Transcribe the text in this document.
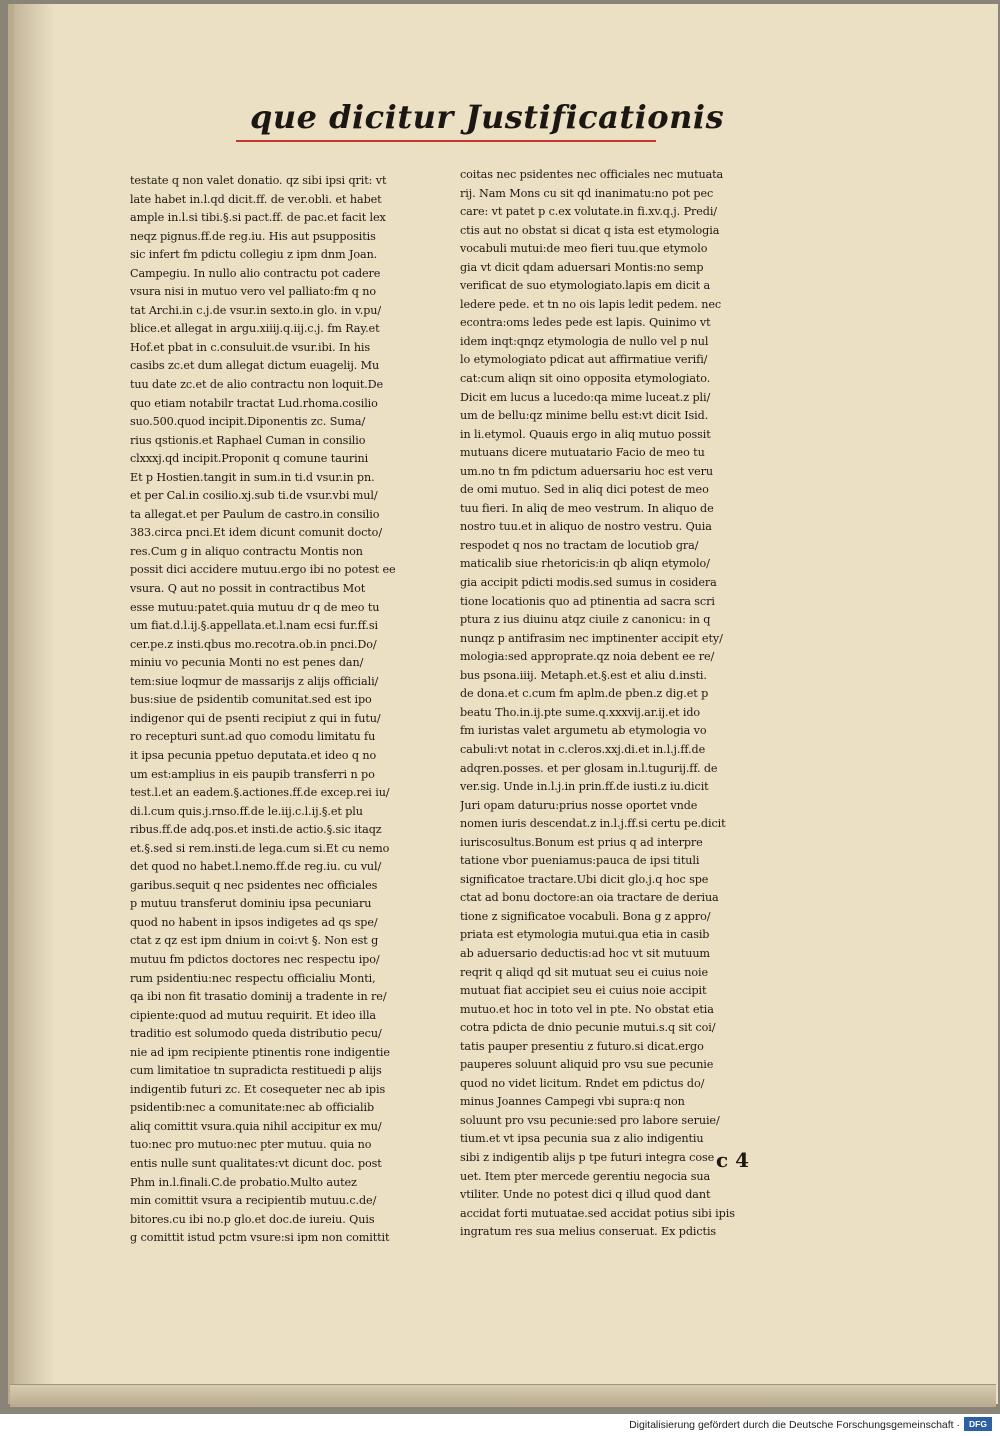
que dicitur Justificationis
testate q non valet donatio. qz sibi ipsi qrit: vt
late habet in.l.qd dicit.ff. de ver.obli. et habet
ample in.l.si tibi.§.si pact.ff. de pac.et facit lex
neqz pignus.ff.de reg.iu. His aut psuppositis
sic infert fm pdictu collegiu z ipm dnm Joan.
Campegiu. In nullo alio contractu pot cadere
vsura nisi in mutuo vero vel palliato:fm q no
tat Archi.in c.j.de vsur.in sexto.in glo. in v.pu/
blice.et allegat in argu.xiiij.q.iij.c.j. fm Ray.et
Hof.et pbat in c.consuluit.de vsur.ibi. In his
casibs zc.et dum allegat dictum euagelij. Mu
tuu date zc.et de alio contractu non loquit.De
quo etiam notabilr tractat Lud.rhoma.cosilio
suo.500.quod incipit.Diponentis zc. Suma/
rius qstionis.et Raphael Cuman in consilio
clxxxj.qd incipit.Proponit q comune taurini
Et p Hostien.tangit in sum.in ti.d vsur.in pn.
et per Cal.in cosilio.xj.sub ti.de vsur.vbi mul/
ta allegat.et per Paulum de castro.in consilio
383.circa pnci.Et idem dicunt comunit docto/
res.Cum g in aliquo contractu Montis non
possit dici accidere mutuu.ergo ibi no potest ee
vsura. Q aut no possit in contractibus Mot
esse mutuu:patet.quia mutuu dr q de meo tu
um fiat.d.l.ij.§.appellata.et.l.nam ecsi fur.ff.si
cer.pe.z insti.qbus mo.recotra.ob.in pnci.Do/
miniu vo pecunia Monti no est penes dan/
tem:siue loqmur de massarijs z alijs officiali/
bus:siue de psidentib comunitat.sed est ipo
indigenor qui de psenti recipiut z qui in futu/
ro recepturi sunt.ad quo comodu limitatu fu
it ipsa pecunia ppetuo deputata.et ideo q no
um est:amplius in eis paupib transferri n po
test.l.et an eadem.§.actiones.ff.de excep.rei iu/
di.l.cum quis.j.rnso.ff.de le.iij.c.l.ij.§.et plu
ribus.ff.de adq.pos.et insti.de actio.§.sic itaqz
et.§.sed si rem.insti.de lega.cum si.Et cu nemo
det quod no habet.l.nemo.ff.de reg.iu. cu vul/
garibus.sequit q nec psidentes nec officiales
p mutuu transferut dominiu ipsa pecuniaru
quod no habent in ipsos indigetes ad qs spe/
ctat z qz est ipm dnium in coi:vt §. Non est g
mutuu fm pdictos doctores nec respectu ipo/
rum psidentiu:nec respectu officialiu Monti,
qa ibi non fit trasatio dominij a tradente in re/
cipiente:quod ad mutuu requirit. Et ideo illa
traditio est solumodo queda distributio pecu/
nie ad ipm recipiente ptinentis rone indigentie
cum limitatioe tn supradicta restituedi p alijs
indigentib futuri zc. Et cosequeter nec ab ipis
psidentib:nec a comunitate:nec ab officialib
aliq comittit vsura.quia nihil accipitur ex mu/
tuo:nec pro mutuo:nec pter mutuu. quia no
entis nulle sunt qualitates:vt dicunt doc. post
Phm in.l.finali.C.de probatio.Multo autez
min comittit vsura a recipientib mutuu.c.de/
bitores.cu ibi no.p glo.et doc.de iureiu. Quis
g comittit istud pctm vsure:si ipm non comittit
coitas nec psidentes nec officiales nec mutuata
rij. Nam Mons cu sit qd inanimatu:no pot pec
care: vt patet p c.ex volutate.in fi.xv.q.j. Predi/
ctis aut no obstat si dicat q ista est etymologia
vocabuli mutui:de meo fieri tuu.que etymolo
gia vt dicit qdam aduersari Montis:no semp
verificat de suo etymologiato.lapis em dicit a
ledere pede. et tn no ois lapis ledit pedem. nec
econtra:oms ledes pede est lapis. Quinimo vt
idem inqt:qnqz etymologia de nullo vel p nul
lo etymologiato pdicat aut affirmatiue verifi/
cat:cum aliqn sit oino opposita etymologiato.
Dicit em lucus a lucedo:qa mime luceat.z pli/
um de bellu:qz minime bellu est:vt dicit Isid.
in li.etymol. Quauis ergo in aliq mutuo possit
mutuans dicere mutuatario Facio de meo tu
um.no tn fm pdictum aduersariu hoc est veru
de omi mutuo. Sed in aliq dici potest de meo
tuu fieri. In aliq de meo vestrum. In aliquo de
nostro tuu.et in aliquo de nostro vestru. Quia
respodet q nos no tractam de locutiob gra/
maticalib siue rhetoricis:in qb aliqn etymolo/
gia accipit pdicti modis.sed sumus in cosidera
tione locationis quo ad ptinentia ad sacra scri
ptura z ius diuinu atqz ciuile z canonicu: in q
nunqz p antifrasim nec imptinenter accipit ety/
mologia:sed approprate.qz noia debent ee re/
bus psona.iiij. Metaph.et.§.est et aliu d.insti.
de dona.et c.cum fm aplm.de pben.z dig.et p
beatu Tho.in.ij.pte sume.q.xxxvij.ar.ij.et ido
fm iuristas valet argumetu ab etymologia vo
cabuli:vt notat in c.cleros.xxj.di.et in.l.j.ff.de
adqren.posses. et per glosam in.l.tugurij.ff. de
ver.sig. Unde in.l.j.in prin.ff.de iusti.z iu.dicit
Juri opam daturu:prius nosse oportet vnde
nomen iuris descendat.z in.l.j.ff.si certu pe.dicit
iuriscosultus.Bonum est prius q ad interpre
tatione vbor pueniamus:pauca de ipsi tituli
significatoe tractare.Ubi dicit glo.j.q hoc spe
ctat ad bonu doctore:an oia tractare de deriua
tione z significatoe vocabuli. Bona g z appro/
priata est etymologia mutui.qua etia in casib
ab aduersario deductis:ad hoc vt sit mutuum
reqrit q aliqd qd sit mutuat seu ei cuius noie
mutuat fiat accipiet seu ei cuius noie accipit
mutuo.et hoc in toto vel in pte. No obstat etia
cotra pdicta de dnio pecunie mutui.s.q sit coi/
tatis pauper presentiu z futuro.si dicat.ergo
pauperes soluunt aliquid pro vsu sue pecunie
quod no videt licitum. Rndet em pdictus do/
minus Joannes Campegi vbi supra:q non
soluunt pro vsu pecunie:sed pro labore seruie/
tium.et vt ipsa pecunia sua z alio indigentiu
sibi z indigentib alijs p tpe futuri integra cose
uet. Item pter mercede gerentiu negocia sua
vtiliter. Unde no potest dici q illud quod dant
accidat forti mutuatae.sed accidat potius sibi ipis
ingratum res sua melius conseruat. Ex pdictis
c 4
Digitalisierung gefördert durch die Deutsche Forschungsgemeinschaft ·	DFG
